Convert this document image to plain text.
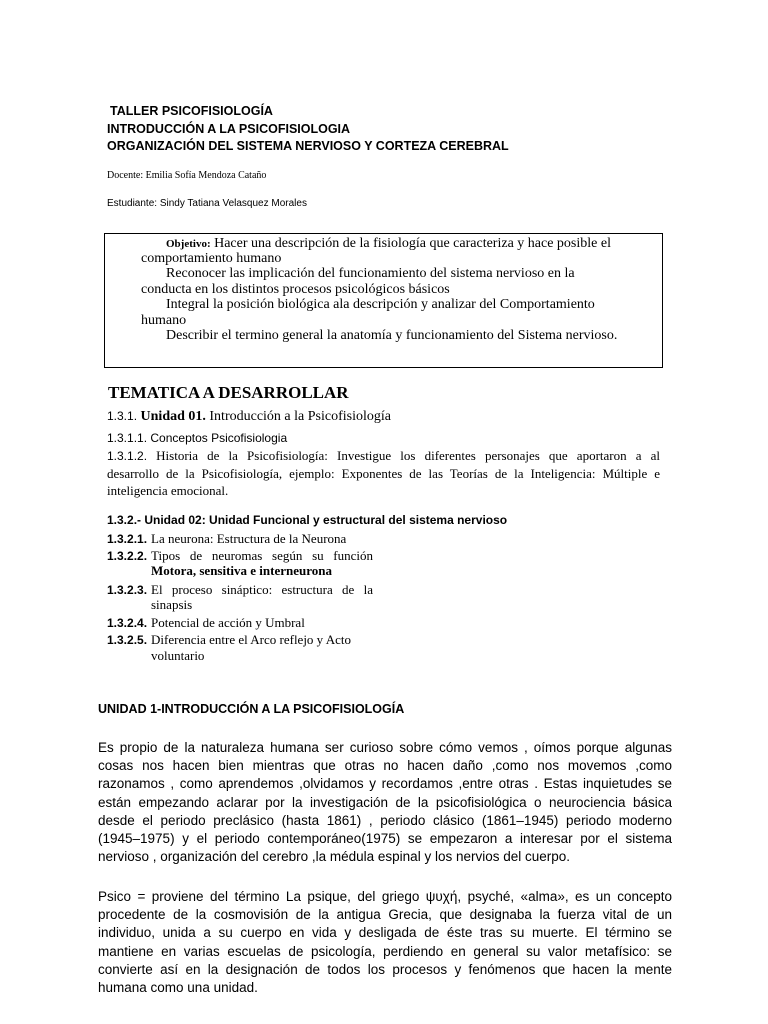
TALLER PSICOFISIOLOGÍA
INTRODUCCIÓN A LA PSICOFISIOLOGIA
ORGANIZACIÓN DEL SISTEMA NERVIOSO Y CORTEZA CEREBRAL
Docente: Emilia Sofía Mendoza Cataño
Estudiante: Sindy Tatiana Velasquez Morales
Objetivo: Hacer una descripción de la fisiología que caracteriza y hace posible el
comportamiento humano
Reconocer las implicación del funcionamiento del sistema nervioso en la
conducta en los distintos procesos psicológicos básicos
Integral la posición biológica ala descripción y analizar del Comportamiento
humano
Describir el termino general la anatomía y funcionamiento del Sistema nervioso.
TEMATICA A DESARROLLAR
1.3.1. Unidad 01. Introducción a la Psicofisiología
1.3.1.1. Conceptos Psicofisiologia
1.3.1.2. Historia de la Psicofisiología: Investigue los diferentes personajes que aportaron a al
desarrollo de la Psicofisiología, ejemplo: Exponentes de las Teorías de la Inteligencia: Múltiple e
inteligencia emocional.
1.3.2.- Unidad 02: Unidad Funcional y estructural del sistema nervioso
1.3.2.1. La neurona: Estructura de la Neurona
1.3.2.2. Tipos de neuromas según su función
Motora, sensitiva e interneurona
1.3.2.3. El proceso sináptico: estructura de la
sinapsis
1.3.2.4. Potencial de acción y Umbral
1.3.2.5. Diferencia entre el Arco reflejo y Acto
voluntario
UNIDAD 1-INTRODUCCIÓN A LA PSICOFISIOLOGÍA
Es propio de la naturaleza humana ser curioso sobre cómo vemos , oímos porque algunas
cosas nos hacen bien mientras que otras no hacen daño ,como nos movemos ,como
razonamos , como aprendemos ,olvidamos y recordamos ,entre otras . Estas inquietudes se
están empezando aclarar por la investigación de la psicofisiológica o neurociencia básica
desde el periodo preclásico (hasta 1861) , periodo clásico (1861–1945) periodo moderno
(1945–1975) y el periodo contemporáneo(1975) se empezaron a interesar por el sistema
nervioso , organización del cerebro ,la médula espinal y los nervios del cuerpo.
Psico = proviene del término La psique, del griego ψυχή, psyché, «alma», es un concepto
procedente de la cosmovisión de la antigua Grecia, que designaba la fuerza vital de un
individuo, unida a su cuerpo en vida y desligada de éste tras su muerte. El término se
mantiene en varias escuelas de psicología, perdiendo en general su valor metafísico: se
convierte así en la designación de todos los procesos y fenómenos que hacen la mente
humana como una unidad.
